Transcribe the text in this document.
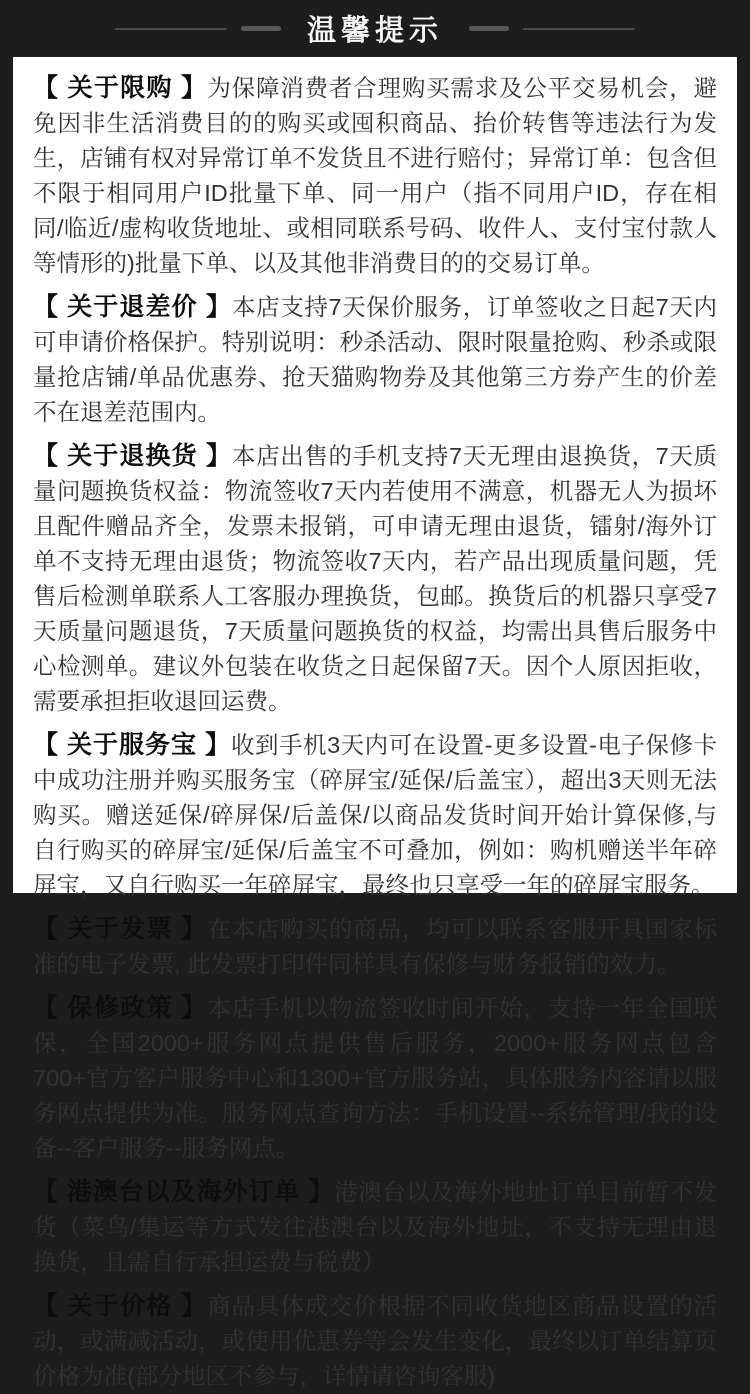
温馨提示

【 关于限购 】为保障消费者合理购买需求及公平交易机会，避免因非生活消费目的的购买或囤积商品、抬价转售等违法行为发生，店铺有权对异常订单不发货且不进行赔付；异常订单：包含但不限于相同用户ID批量下单、同一用户（指不同用户ID，存在相同/临近/虚构收货地址、或相同联系号码、收件人、支付宝付款人等情形的)批量下单、以及其他非消费目的的交易订单。

【 关于退差价 】本店支持7天保价服务，订单签收之日起7天内可申请价格保护。特别说明：秒杀活动、限时限量抢购、秒杀或限量抢店铺/单品优惠券、抢天猫购物券及其他第三方券产生的价差不在退差范围内。

【 关于退换货 】本店出售的手机支持7天无理由退换货，7天质量问题换货权益：物流签收7天内若使用不满意，机器无人为损坏且配件赠品齐全，发票未报销，可申请无理由退货，镭射/海外订单不支持无理由退货；物流签收7天内，若产品出现质量问题，凭售后检测单联系人工客服办理换货，包邮。换货后的机器只享受7天质量问题退货，7天质量问题换货的权益，均需出具售后服务中心检测单。建议外包装在收货之日起保留7天。因个人原因拒收，需要承担拒收退回运费。

【 关于服务宝 】收到手机3天内可在设置-更多设置-电子保修卡中成功注册并购买服务宝（碎屏宝/延保/后盖宝），超出3天则无法购买。赠送延保/碎屏保/后盖保/以商品发货时间开始计算保修,与自行购买的碎屏宝/延保/后盖宝不可叠加，例如：购机赠送半年碎屏宝，又自行购买一年碎屏宝，最终也只享受一年的碎屏宝服务。

【 关于发票 】在本店购买的商品，均可以联系客服开具国家标准的电子发票, 此发票打印件同样具有保修与财务报销的效力。

【 保修政策 】本店手机以物流签收时间开始，支持一年全国联保，全国2000+服务网点提供售后服务，2000+服务网点包含700+官方客户服务中心和1300+官方服务站，具体服务内容请以服务网点提供为准。服务网点查询方法：手机设置--系统管理/我的设备--客户服务--服务网点。

【 港澳台以及海外订单 】港澳台以及海外地址订单目前暂不发货（菜鸟/集运等方式发往港澳台以及海外地址，不支持无理由退换货，且需自行承担运费与税费）

【 关于价格 】商品具体成交价根据不同收货地区商品设置的活动，或满减活动，或使用优惠券等会发生变化，最终以订单结算页价格为准(部分地区不参与，详情请咨询客服)
